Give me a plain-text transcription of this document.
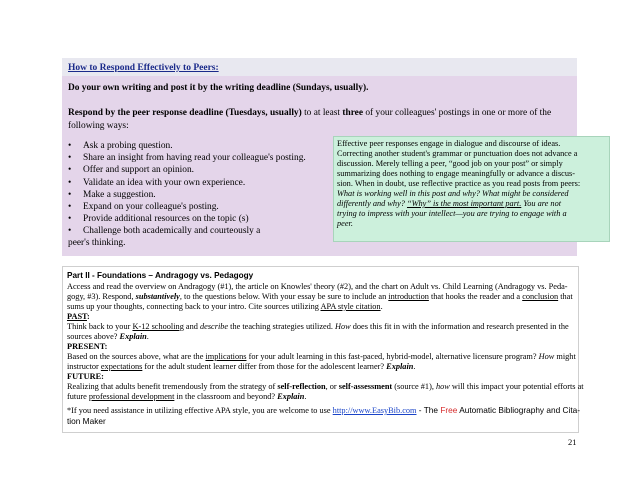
How to Respond Effectively to Peers:
Do your own writing and post it by the writing deadline (Sundays, usually).
Respond by the peer response deadline (Tuesdays, usually) to at least three of your colleagues' postings in one or more of the
following ways:
• Ask a probing question.
• Share an insight from having read your colleague's posting.
• Offer and support an opinion.
• Validate an idea with your own experience.
• Make a suggestion.
• Expand on your colleague's posting.
• Provide additional resources on the topic (s)
• Challenge both academically and courteously a
peer's thinking.
Effective peer responses engage in dialogue and discourse of ideas.
Correcting another student's grammar or punctuation does not advance a
discussion. Merely telling a peer, “good job on your post” or simply
summarizing does nothing to engage meaningfully or advance a discus-
sion. When in doubt, use reflective practice as you read posts from peers:
What is working well in this post and why? What might be considered
differently and why? “Why” is the most important part. You are not
trying to impress with your intellect—you are trying to engage with a
peer.
Part II - Foundations – Andragogy vs. Pedagogy
Access and read the overview on Andragogy (#1), the article on Knowles' theory (#2), and the chart on Adult vs. Child Learning (Andragogy vs. Peda-
gogy, #3). Respond, substantively, to the questions below. With your essay be sure to include an introduction that hooks the reader and a conclusion that
sums up your thoughts, connecting back to your intro. Cite sources utilizing APA style citation.
PAST:
Think back to your K-12 schooling and describe the teaching strategies utilized. How does this fit in with the information and research presented in the
sources above? Explain.
PRESENT:
Based on the sources above, what are the implications for your adult learning in this fast-paced, hybrid-model, alternative licensure program? How might
instructor expectations for the adult student learner differ from those for the adolescent learner? Explain.
FUTURE:
Realizing that adults benefit tremendously from the strategy of self-reflection, or self-assessment (source #1), how will this impact your potential efforts at
future professional development in the classroom and beyond? Explain.
*If you need assistance in utilizing effective APA style, you are welcome to use http://www.EasyBib.com - The Free Automatic Bibliography and Cita-
tion Maker
21
